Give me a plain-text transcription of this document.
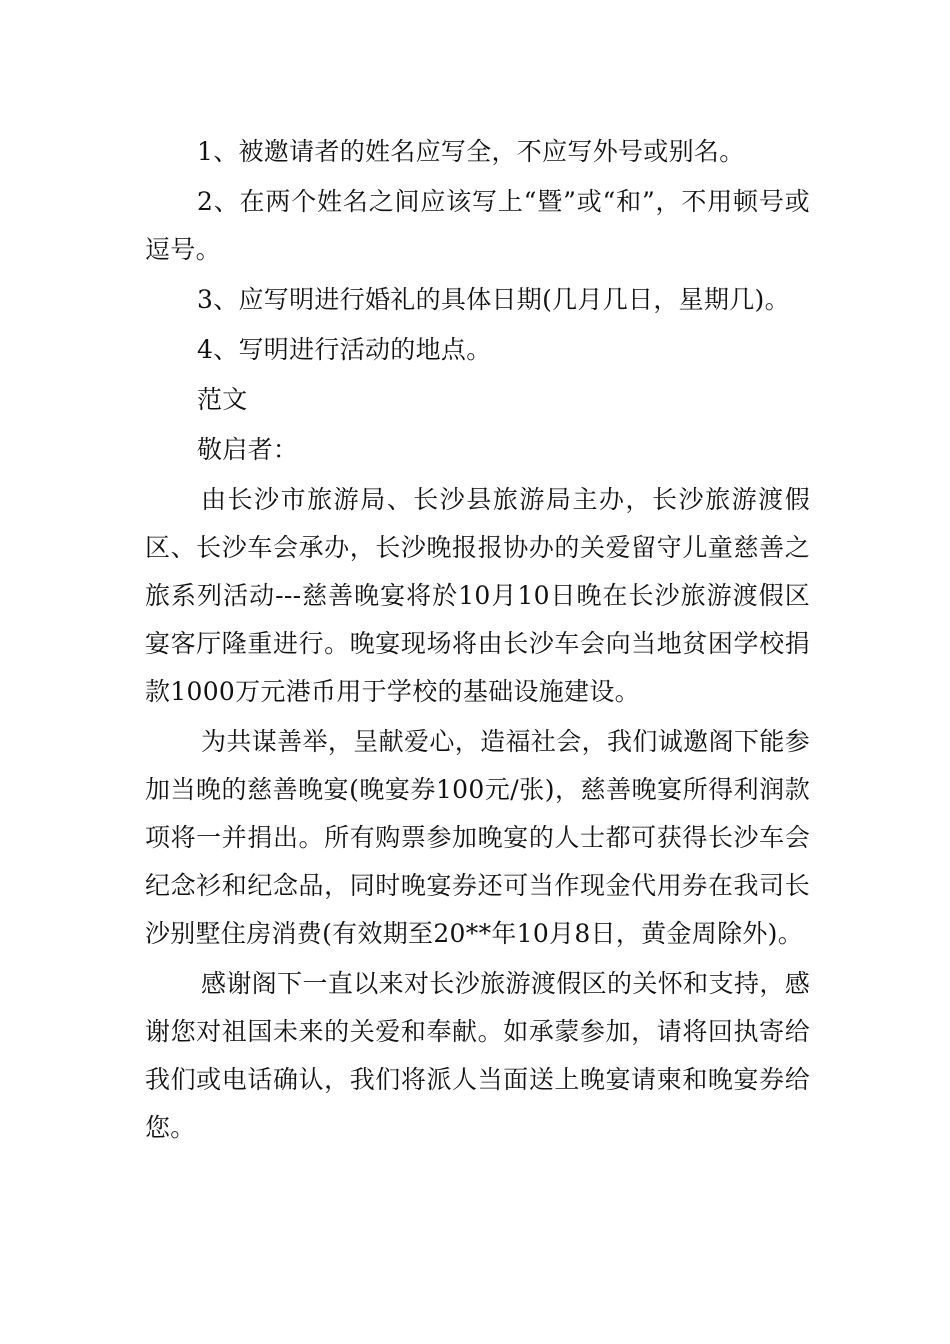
1、被邀请者的姓名应写全，不应写外号或别名。

2、在两个姓名之间应该写上“暨”或“和”，不用顿号或逗号。

3、应写明进行婚礼的具体日期(几月几日，星期几)。

4、写明进行活动的地点。

范文

敬启者：

由长沙市旅游局、长沙县旅游局主办，长沙旅游渡假区、长沙车会承办，长沙晚报报协办的关爱留守儿童慈善之旅系列活动---慈善晚宴将於10月10日晚在长沙旅游渡假区宴客厅隆重进行。晚宴现场将由长沙车会向当地贫困学校捐款1000万元港币用于学校的基础设施建设。

为共谋善举，呈献爱心，造福社会，我们诚邀阁下能参加当晚的慈善晚宴(晚宴券100元/张)，慈善晚宴所得利润款项将一并捐出。所有购票参加晚宴的人士都可获得长沙车会纪念衫和纪念品，同时晚宴券还可当作现金代用券在我司长沙别墅住房消费(有效期至20**年10月8日，黄金周除外)。

感谢阁下一直以来对长沙旅游渡假区的关怀和支持，感谢您对祖国未来的关爱和奉献。如承蒙参加，请将回执寄给我们或电话确认，我们将派人当面送上晚宴请柬和晚宴券给您。
